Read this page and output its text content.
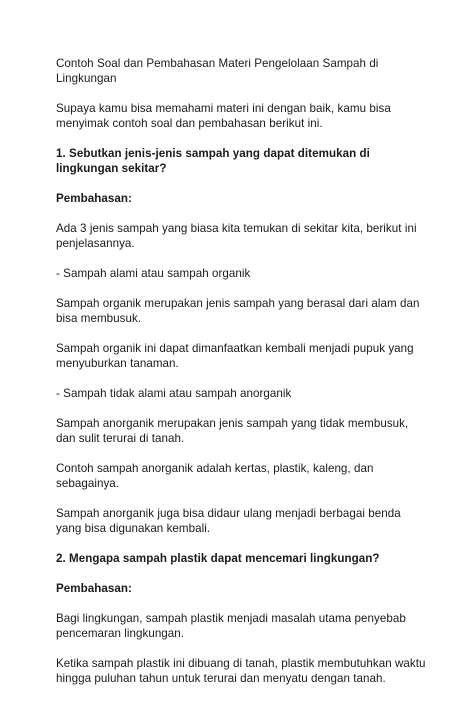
Contoh Soal dan Pembahasan Materi Pengelolaan Sampah di Lingkungan
Supaya kamu bisa memahami materi ini dengan baik, kamu bisa menyimak contoh soal dan pembahasan berikut ini.
1. Sebutkan jenis-jenis sampah yang dapat ditemukan di lingkungan sekitar?
Pembahasan:
Ada 3 jenis sampah yang biasa kita temukan di sekitar kita, berikut ini penjelasannya.
- Sampah alami atau sampah organik
Sampah organik merupakan jenis sampah yang berasal dari alam dan bisa membusuk.
Sampah organik ini dapat dimanfaatkan kembali menjadi pupuk yang menyuburkan tanaman.
- Sampah tidak alami atau sampah anorganik
Sampah anorganik merupakan jenis sampah yang tidak membusuk, dan sulit terurai di tanah.
Contoh sampah anorganik adalah kertas, plastik, kaleng, dan sebagainya.
Sampah anorganik juga bisa didaur ulang menjadi berbagai benda yang bisa digunakan kembali.
2. Mengapa sampah plastik dapat mencemari lingkungan?
Pembahasan:
Bagi lingkungan, sampah plastik menjadi masalah utama penyebab pencemaran lingkungan.
Ketika sampah plastik ini dibuang di tanah, plastik membutuhkan waktu hingga puluhan tahun untuk terurai dan menyatu dengan tanah.
